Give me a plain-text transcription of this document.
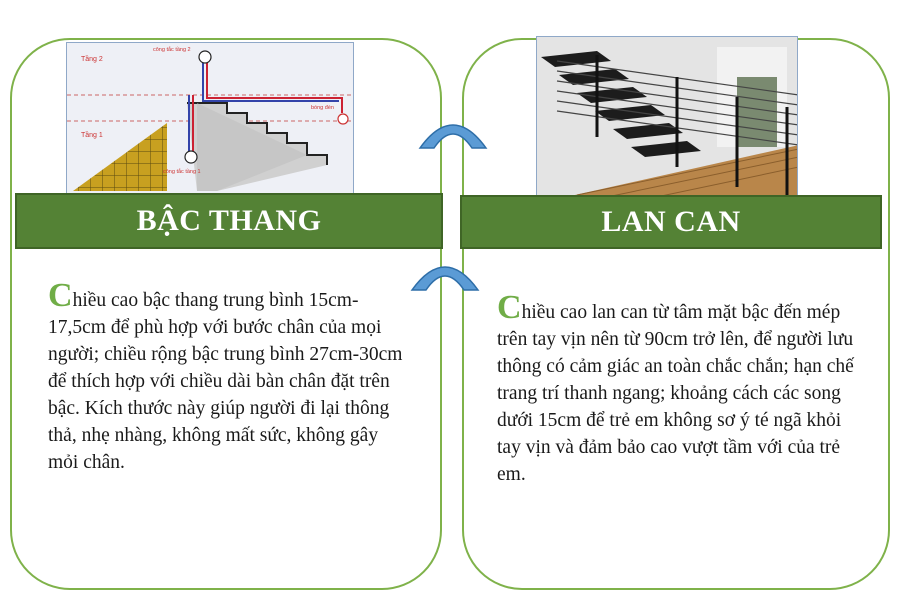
Tầng 2
Tầng 1
công tắc tầng 2
công tắc tầng 1
bóng đèn
BẬC THANG	LAN CAN
Chiều cao bậc thang trung bình 15cm-17,5cm để phù hợp với bước chân của mọi người; chiều rộng bậc trung bình 27cm-30cm để thích hợp với chiều dài bàn chân đặt trên bậc. Kích thước này giúp người đi lại thông thả, nhẹ nhàng, không mất sức, không gây mỏi chân.
Chiều cao lan can từ tâm mặt bậc đến mép trên tay vịn nên từ 90cm trở lên, để người lưu thông có cảm giác an toàn chắc chắn; hạn chế trang trí thanh ngang; khoảng cách các song dưới 15cm để trẻ em không sơ ý té ngã khỏi tay vịn và đảm bảo cao vượt tầm với của trẻ em.
